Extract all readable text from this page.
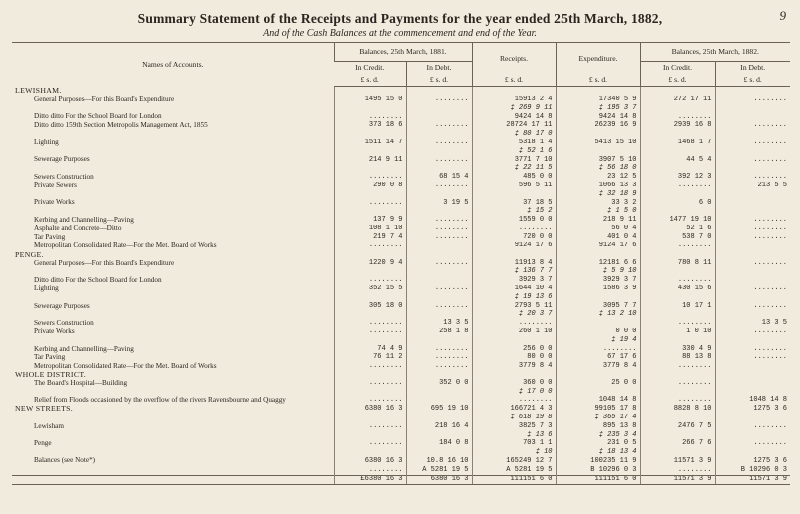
9
Summary Statement of the Receipts and Payments for the year ended 25th March, 1882,
And of the Cash Balances at the commencement and end of the Year.
Names of Accounts.	Balances, 25th March, 1881.		Receipts.	Expenditure.	Balances, 25th March, 1882.	
	In Credit.	In Debt.			In Credit.	In Debt.
	£ s. d.	£ s. d.	£ s. d.	£ s. d.	£ s. d.	£ s. d.
LEWISHAM.						
General Purposes—For this Board's Expenditure	1495 15 0	........	15913 2 4	17340 5 9	272 17 11	........
			‡ 269 9 11	‡ 195 3 7		
Ditto ditto For the School Board for London	........		9424 14 8	9424 14 8	........	
Ditto ditto 159th Section Metropolis Management Act, 1855	373 18 6	........	28724 17 11	26239 16 9	2939 16 8	........
			‡ 80 17 0			
Lighting	1511 14 7	........	5318 1 4	5413 15 10	1468 1 7	........
			‡ 52 1 6			
Sewerage Purposes	214 9 11	........	3771 7 10	3907 5 10	44 5 4	........
			‡ 22 11 5	‡ 56 18 0		
Sewers Construction	........	68 15 4	485 0 0	23 12 5	392 12 3	........
Private Sewers	290 0 8	........	596 5 11	1066 13 3	........	213 5 5
				‡ 32 18 9		
Private Works	........	3 19 5	37 18 5	33 3 2	6 0	
			‡ 15 2	‡ 1 5 0		
Kerbing and Channelling—Paving	137 9 9	........	1559 0 0	218 9 11	1477 19 10	........
Asphalte and Concrete—Ditto	108 1 10	........	........	56 0 4	52 1 6	........
Tar Paving	219 7 4	........	720 0 0	401 0 4	538 7 0	........
Metropolitan Consolidated Rate—For the Met. Board of Works	........		9124 17 6	9124 17 6	........	
PENGE.						
General Purposes—For this Board's Expenditure	1220 9 4	........	11913 8 4	12181 6 6	780 8 11	........
			‡ 136 7 7	‡ 5 9 10		
Ditto ditto For the School Board for London	........		3929 3 7	3929 3 7	........	
Lighting	352 15 5	........	1644 10 4	1586 3 9	430 15 6	........
			‡ 19 13 6			
Sewerage Purposes	305 18 0	........	2793 5 11	3095 7 7	10 17 1	........
			‡ 20 3 7	‡ 13 2 10		
Sewers Construction	........	13 3 5	........		........	13 3 5
Private Works	........	258 1 8	260 1 10	0 0 0	1 0 10	........
				‡ 19 4		
Kerbing and Channelling—Paving	74 4 9	........	256 0 0	........	330 4 9	........
Tar Paving	76 11 2	........	80 0 0	67 17 6	88 13 8	........
Metropolitan Consolidated Rate—For the Met. Board of Works	........	........	3779 8 4	3779 8 4	........	
WHOLE DISTRICT.						
The Board's Hospital—Building	........	352 0 0	360 0 0	25 0 0	........	
			‡ 17 0 0			
Relief from Floods occasioned by the overflow of the rivers Ravensbourne and Quaggy	........		........	1048 14 8	........	1048 14 8
NEW STREETS.	6380 16 3	695 19 10	166721 4 3	99105 17 8	8828 8 10	1275 3 6
			‡ 618 19 8	‡ 365 17 4		
Lewisham	........	218 16 4	3825 7 3	895 13 8	2476 7 5	........
			‡ 13 6	‡ 235 3 4		
Penge	........	184 0 8	703 1 1	231 0 5	266 7 6	........
			‡ 10	‡ 18 13 4		
Balances (see Note*)	6380 16 3	10.8 16 10	165249 12 7	100235 11 9	11571 3 9	1275 3 6
	........	A 5281 19 5	A 5281 19 5	B 10296 0 3	........	B 10296 0 3
	£6380 16 3	6380 16 3	111151 6 0	111151 6 0	11571 3 9	11571 3 9
